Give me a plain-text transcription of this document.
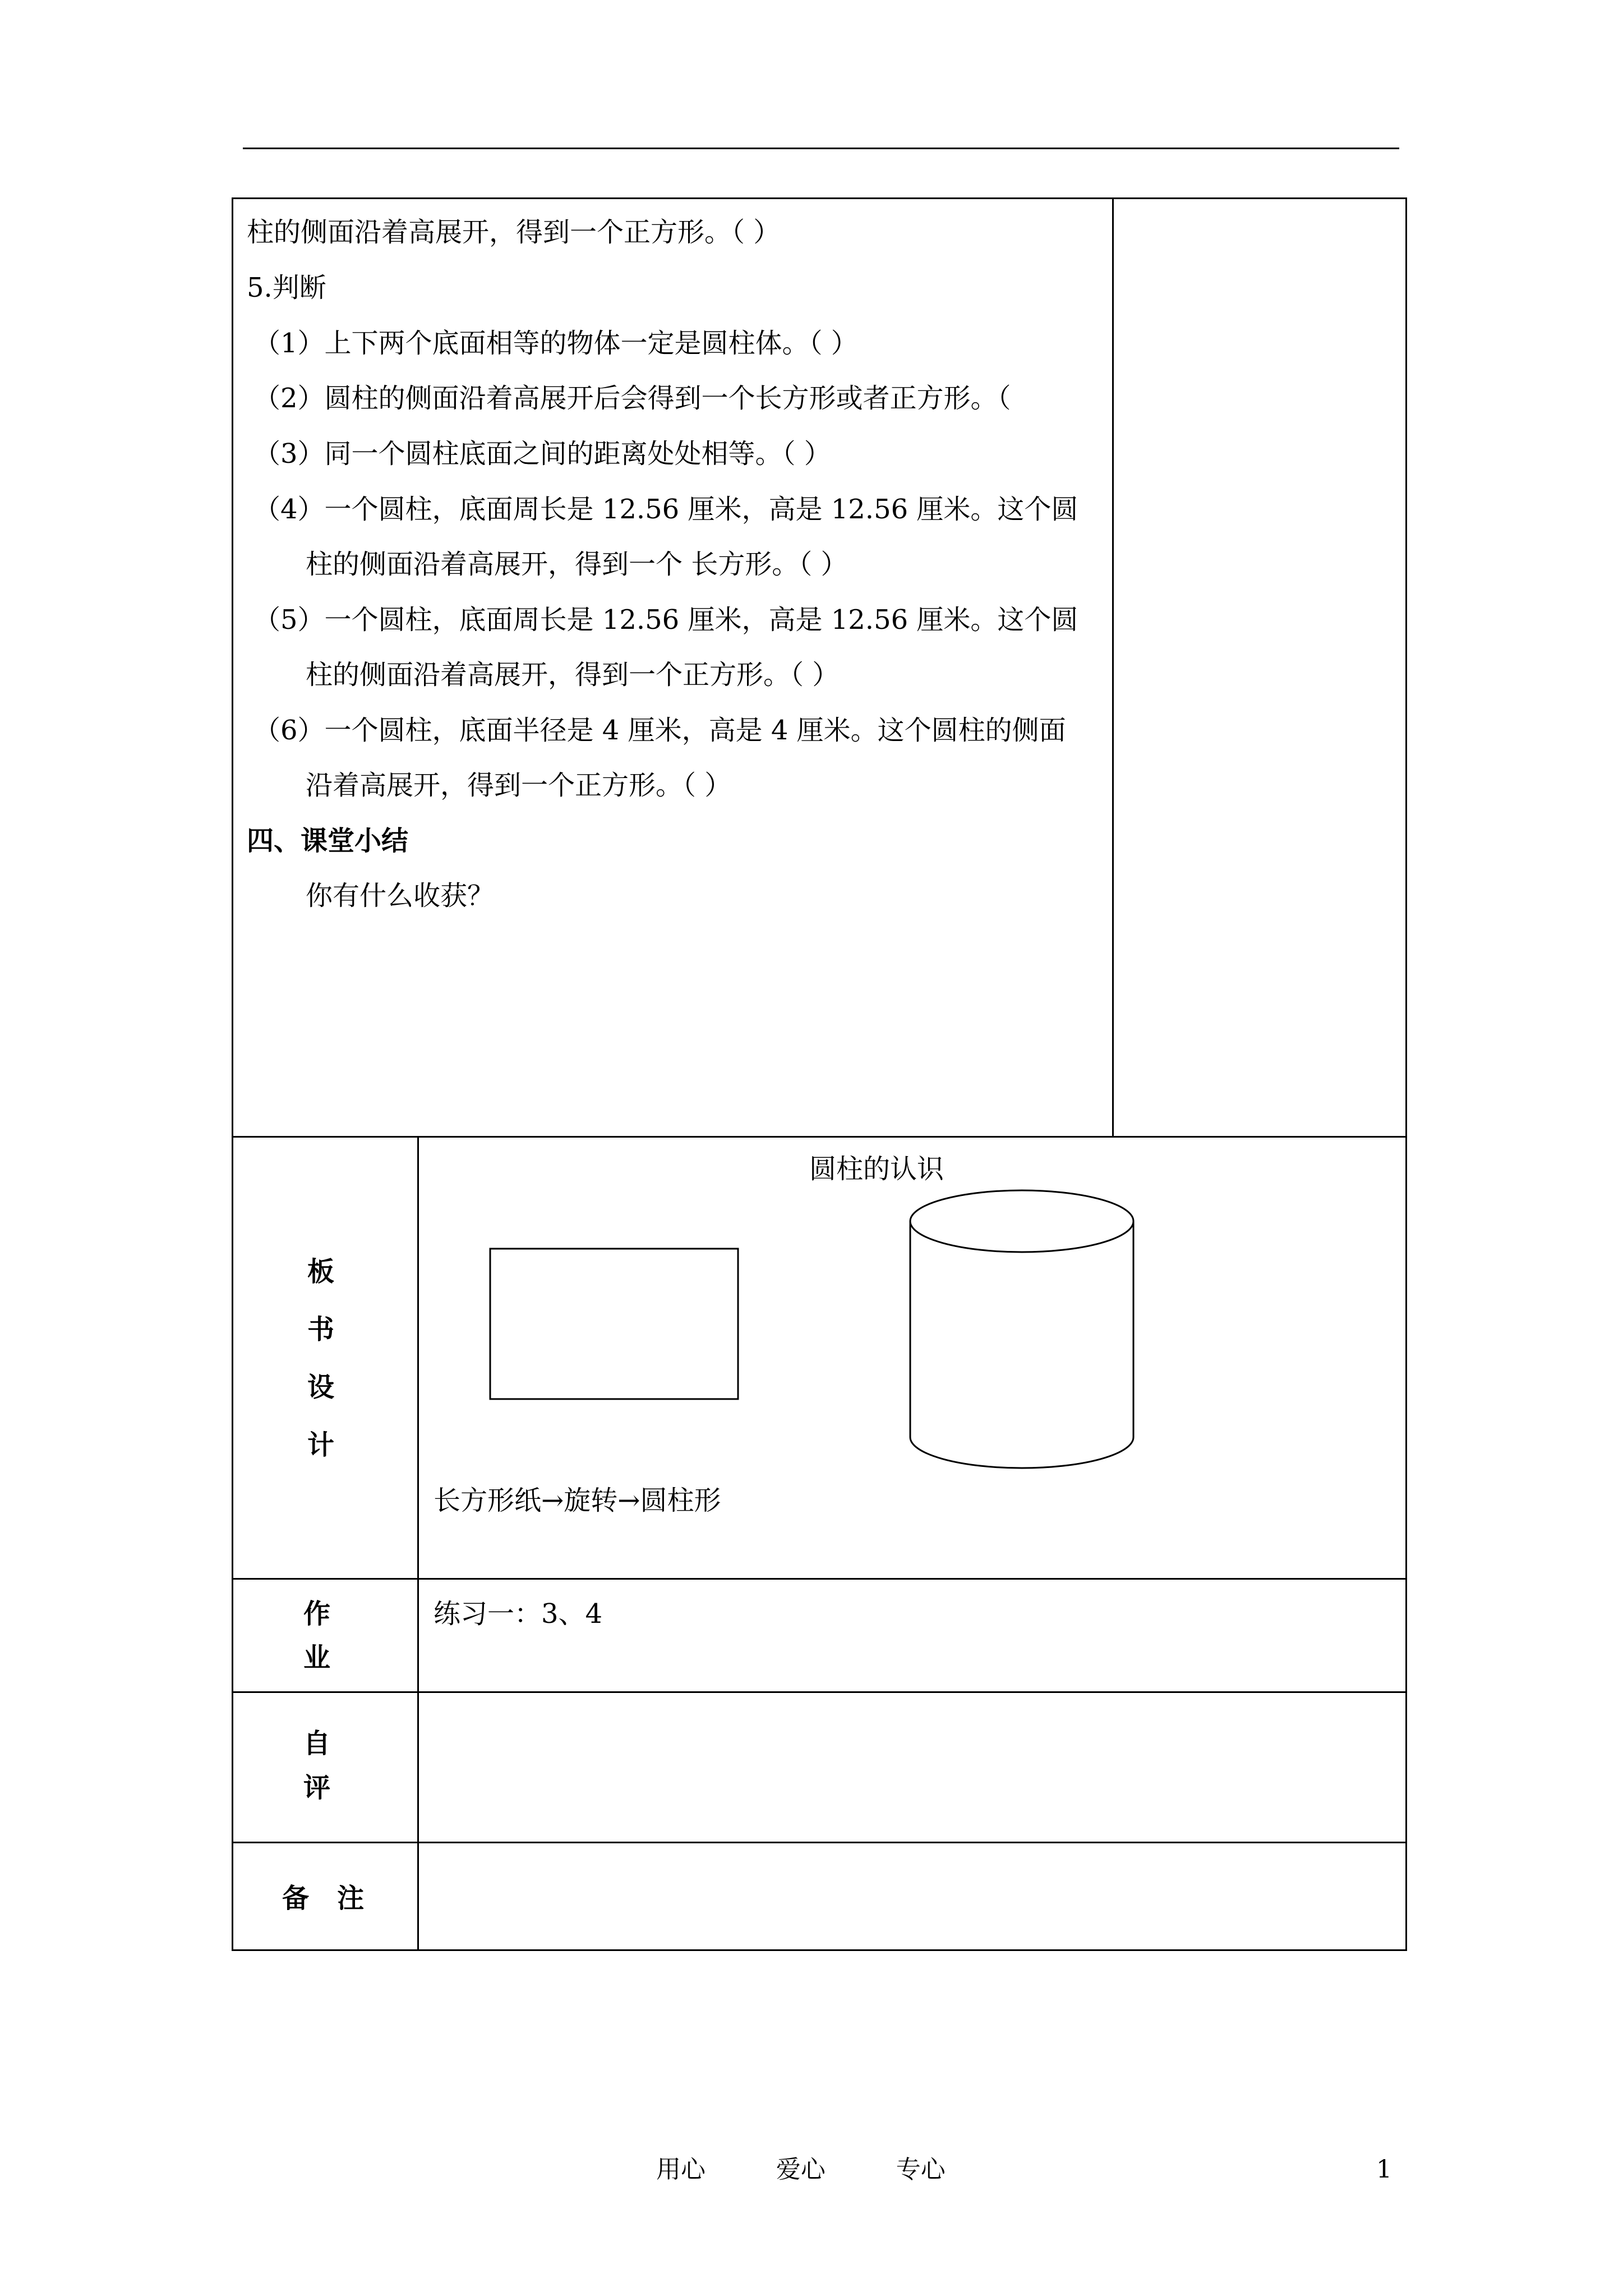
柱的侧面沿着高展开，得到一个正方形。（ ）
5.判断
（1）上下两个底面相等的物体一定是圆柱体。（ ）
（2）圆柱的侧面沿着高展开后会得到一个长方形或者正方形。（
（3）同一个圆柱底面之间的距离处处相等。（ ）
（4）一个圆柱，底面周长是 12.56 厘米，高是 12.56 厘米。这个圆
柱的侧面沿着高展开，得到一个 长方形。（ ）
（5）一个圆柱，底面周长是 12.56 厘米，高是 12.56 厘米。这个圆
柱的侧面沿着高展开，得到一个正方形。（ ）
（6）一个圆柱，底面半径是 4 厘米，高是 4 厘米。这个圆柱的侧面
沿着高展开，得到一个正方形。（ ）
四、课堂小结
你有什么收获？
板
书
设
计
圆柱的认识
长方形纸→旋转→圆柱形
作
业
练习一：3、4
自
评
备   注
用心         爱心         专心	1
